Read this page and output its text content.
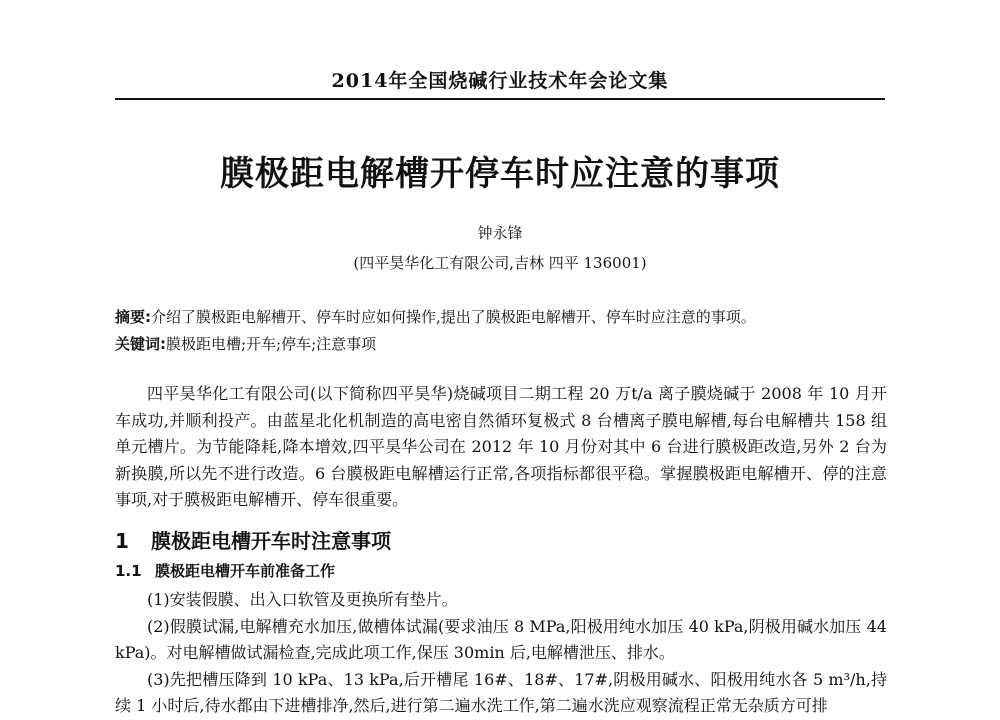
2014年全国烧碱行业技术年会论文集
膜极距电解槽开停车时应注意的事项
钟永锋
(四平昊华化工有限公司,吉林 四平 136001)
摘要:介绍了膜极距电解槽开、停车时应如何操作,提出了膜极距电解槽开、停车时应注意的事项。
关键词:膜极距电槽;开车;停车;注意事项

四平昊华化工有限公司(以下简称四平昊华)烧碱项目二期工程 20 万t/a 离子膜烧碱于 2008 年 10 月开车成功,并顺利投产。由蓝星北化机制造的高电密自然循环复极式 8 台槽离子膜电解槽,每台电解槽共 158 组单元槽片。为节能降耗,降本增效,四平昊华公司在 2012 年 10 月份对其中 6 台进行膜极距改造,另外 2 台为新换膜,所以先不进行改造。6 台膜极距电解槽运行正常,各项指标都很平稳。掌握膜极距电解槽开、停的注意事项,对于膜极距电解槽开、停车很重要。

1 膜极距电槽开车时注意事项
1.1 膜极距电槽开车前准备工作

(1)安装假膜、出入口软管及更换所有垫片。

(2)假膜试漏,电解槽充水加压,做槽体试漏(要求油压 8 MPa,阳极用纯水加压 40 kPa,阴极用碱水加压 44 kPa)。对电解槽做试漏检查,完成此项工作,保压 30min 后,电解槽泄压、排水。

(3)先把槽压降到 10 kPa、13 kPa,后开槽尾 16#、18#、17#,阴极用碱水、阳极用纯水各 5 m³/h,持续 1 小时后,待水都由下进槽排净,然后,进行第二遍水洗工作,第二遍水洗应观察流程正常无杂质方可排
